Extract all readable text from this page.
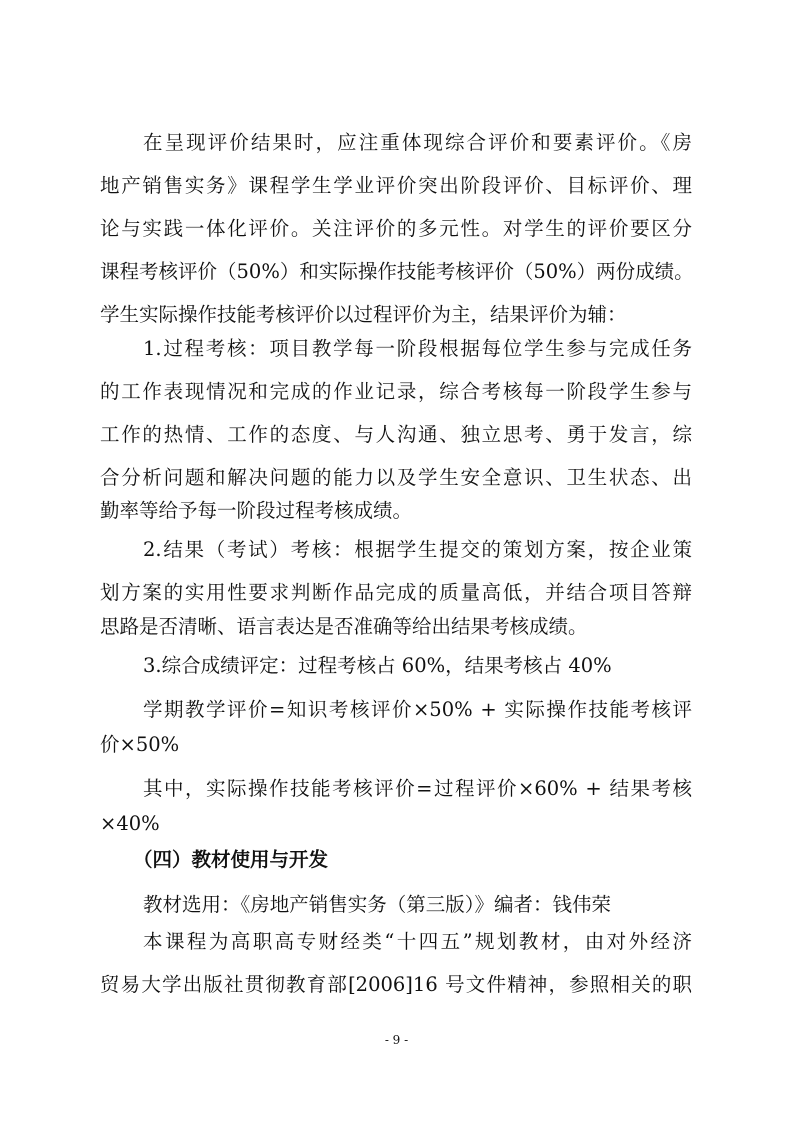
在呈现评价结果时，应注重体现综合评价和要素评价。《房
地产销售实务》课程学生学业评价突出阶段评价、目标评价、理
论与实践一体化评价。关注评价的多元性。对学生的评价要区分
课程考核评价（50%）和实际操作技能考核评价（50%）两份成绩。
学生实际操作技能考核评价以过程评价为主，结果评价为辅：
1.过程考核：项目教学每一阶段根据每位学生参与完成任务
的工作表现情况和完成的作业记录，综合考核每一阶段学生参与
工作的热情、工作的态度、与人沟通、独立思考、勇于发言，综
合分析问题和解决问题的能力以及学生安全意识、卫生状态、出
勤率等给予每一阶段过程考核成绩。
2.结果（考试）考核：根据学生提交的策划方案，按企业策
划方案的实用性要求判断作品完成的质量高低，并结合项目答辩
思路是否清晰、语言表达是否准确等给出结果考核成绩。
3.综合成绩评定：过程考核占 60%，结果考核占 40%
学期教学评价=知识考核评价×50% + 实际操作技能考核评
价×50%
其中，实际操作技能考核评价=过程评价×60% + 结果考核
×40%
（四）教材使用与开发
教材选用：《房地产销售实务（第三版）》编者：钱伟荣
本课程为高职高专财经类“十四五”规划教材，由对外经济
贸易大学出版社贯彻教育部[2006]16 号文件精神，参照相关的职
- 9 -
